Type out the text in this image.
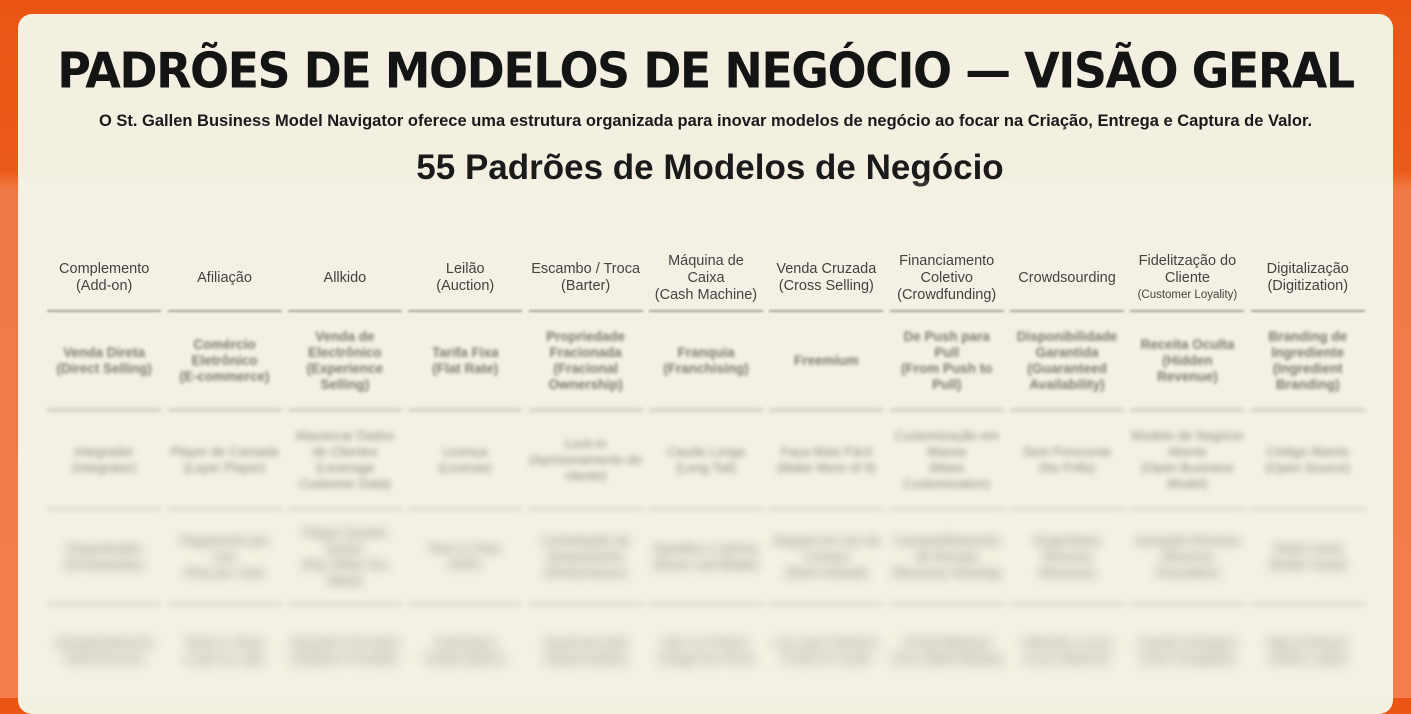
PADRÕES DE MODELOS DE NEGÓCIO — VISÃO GERAL
O St. Gallen Business Model Navigator oferece uma estrutura organizada para inovar modelos de negócio ao focar na Criação, Entrega e Captura de Valor.
55 Padrões de Modelos de Negócio
Complemento
(Add-on)
Afiliação	Allkido
Leilão
(Auction)
Escambo / Troca
(Barter)
Máquina de Caixa
(Cash Machine)
Venda Cruzada
(Cross Selling)
Financiamento Coletivo
(Crowdfunding)
Crowdsourding
Fidelitzação do Cliente
(Customer Loyality)
Digitalização
(Digitization)
Venda Direta
(Direct Selling)
Comércio Eletrônico
(E-commerce)
Venda de Electrônico
(Experience Selling)
Tarifa Fixa
(Flat Rate)
Propriedade Fracionada
(Fracional Ownership)
Franquia
(Franchising)
Freemium
De Push para Pull
(From Push to Pull)
Disponibilidade Garantida
(Guaranteed Availability)
Receita Oculta
(Hidden Revenue)
Branding de Ingrediente
(Ingredient Branding)
Integrador
(Integrator)
Player de Camada
(Layer Player)
Alavancar Dados de Clientes
(Leverage Customer Data)
Licença
(License)
Lock-in
(Aprisionamento do cliente)
Cauda Longa
(Long Tail)
Faça Mais Fácil
(Make More of It)
Customização em Massa
(Mass Customization)
Sem Frescuras
(No Frills)
Modelo de Negócio Aberto
(Open Business Model)
Código Aberto
(Open Source)
Orquestrador
(Orchestrator)
Pagamento por Uso
(Pay per Use)
Pague Quanto Quiser
(Pay What You Want)
Peer to Peer
(P2P)
Contratação de Desempenho
(Performance)
Navalha e Lâmina
(Razor and Blade)
Aluguel em vez de Compra
(Rent Instead)
Compartilhamento de Receita
(Revenue Sharing)
Engenharia Reversa
(Reverse)
Inovação Reversa
(Reverse Innovation)
Robin Hood
(Robin Hood)
Autoatendimento
(Self-Service)
Shop in Shop
(Loja na Loja)
Soluções Provedor
(Solution Provider)
Assinatura
(Subscription)
Supermercado
(Supermarket)
Alvo os Pobres
(Target the Poor)
Lixo para Dinheiro
(Trash to Cash)
Venda Bilateral
(Two-Sided Market)
Ultimate Luxury
(Luxo Máximo)
Usuário Designer
(User Designed)
Marca Branca
(White Label)
